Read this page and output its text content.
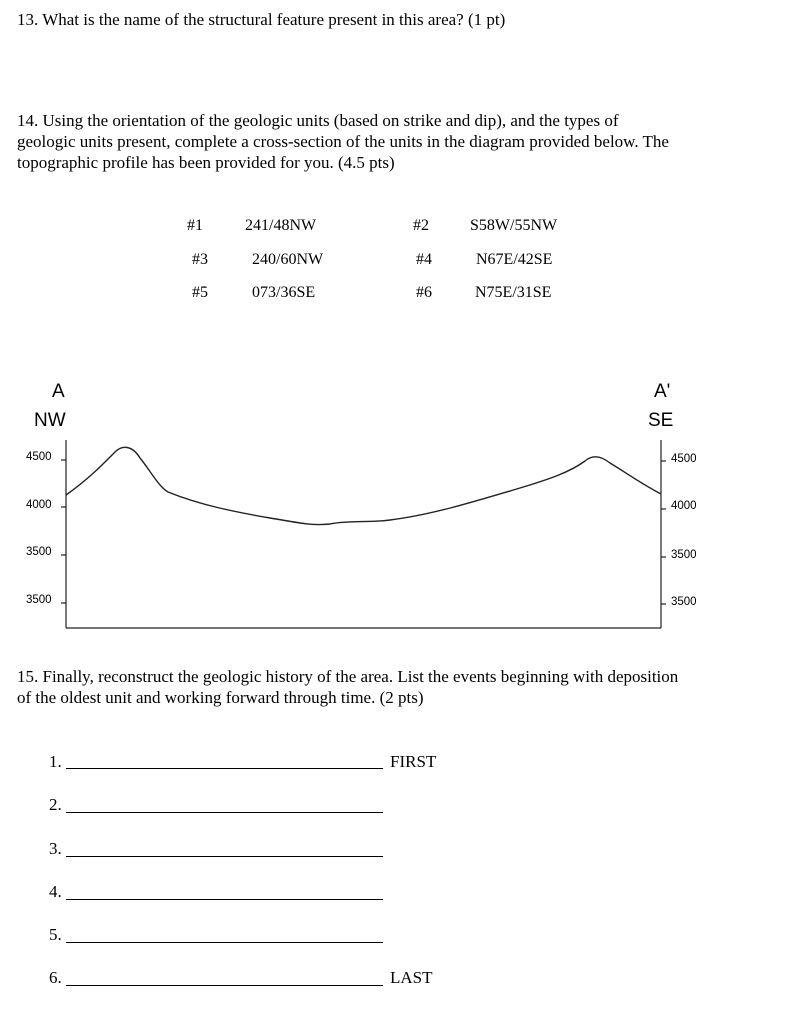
13. What is the name of the structural feature present in this area? (1 pt)
14. Using the orientation of the geologic units (based on strike and dip), and the types of
geologic units present, complete a cross-section of the units in the diagram provided below. The
topographic profile has been provided for you. (4.5 pts)
#1	241/48NW	#2	S58W/55NW
#3	240/60NW	#4	N67E/42SE
#5	073/36SE	#6	N75E/31SE
A
NW
A'
SE
4500
4000
3500
3500
4500
4000
3500
3500
15. Finally, reconstruct the geologic history of the area. List the events beginning with deposition
of the oldest unit and working forward through time. (2 pts)
1.	FIRST
2.
3.
4.
5.
6.	LAST
